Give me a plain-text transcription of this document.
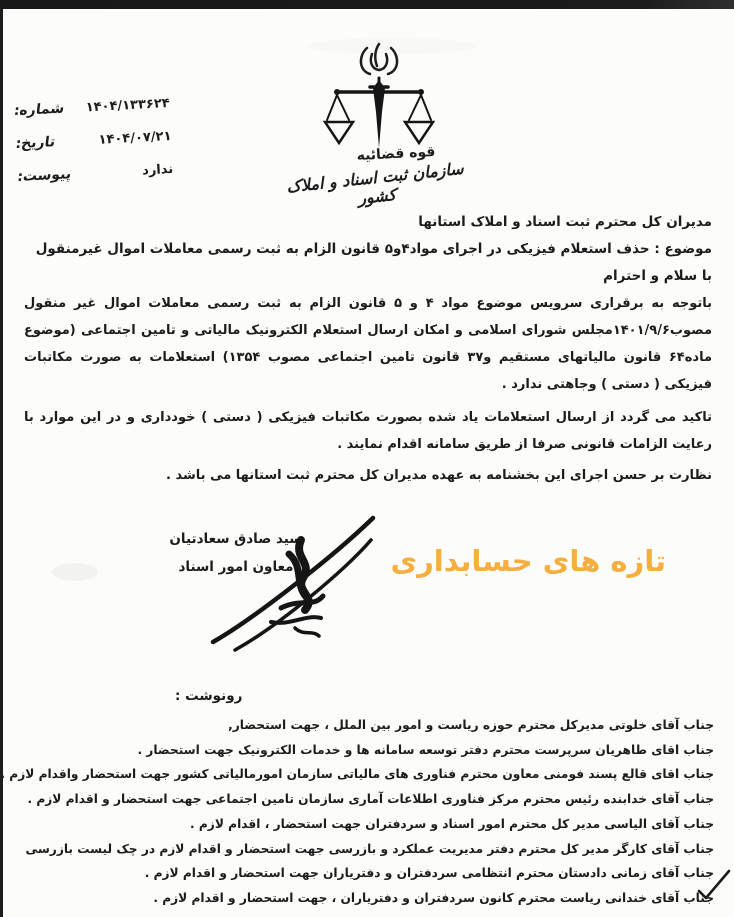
۱۴۰۴/۱۳۳۶۲۴
شماره:
۱۴۰۴/۰۷/۲۱
تاریخ:
ندارد
پیوست:
قوه قضائیه
سازمان ثبت اسناد و املاک کشور
مدیران کل محترم ثبت اسناد و املاک استانها
موضوع : حذف استعلام فیزیکی در اجرای مواد۴و۵ قانون الزام به ثبت رسمی معاملات اموال غیرمنقول
با سلام و احترام
باتوجه به برقراری سرویس موضوع مواد ۴ و ۵ قانون الزام به ثبت رسمی معاملات اموال غیر منقول مصوب۱۴۰۱/۹/۶مجلس شورای اسلامی و امکان ارسال استعلام الکترونیک مالیاتی و تامین اجتماعی (موضوع ماده۶۴ قانون مالیاتهای مستقیم و۳۷ قانون تامین اجتماعی مصوب ۱۳۵۴) استعلامات به صورت مکاتبات فیزیکی ( دستی ) وجاهتی ندارد .
تاکید می گردد از ارسال استعلامات یاد شده بصورت مکاتبات فیزیکی ( دستی ) خودداری و در این موارد با رعایت الزامات قانونی صرفا از طریق سامانه اقدام نمایند .
نظارت بر حسن اجرای این بخشنامه به عهده مدیران کل محترم ثبت استانها می باشد .
سید صادق سعادتیان
معاون امور اسناد	تازه های حسابداری
رونوشت :
جناب آقای خلوتی مدیرکل محترم حوزه ریاست و امور بین الملل ، جهت استحضار,
جناب اقای طاهریان سرپرست محترم دفتر توسعه سامانه ها و خدمات الکترونیک جهت استحضار .
جناب اقای قالع پسند فومنی معاون محترم فناوری های مالیاتی سازمان امورمالیاتی کشور جهت استحضار واقدام لازم .
جناب آقای خدابنده رئیس محترم مرکز فناوری اطلاعات آماری سازمان تامین اجتماعی جهت استحضار و اقدام لازم .
جناب آقای الیاسی مدیر کل محترم امور اسناد و سردفتران جهت استحضار ، اقدام لازم .
جناب آقای کارگر مدیر کل محترم دفتر مدیریت عملکرد و بازرسی جهت استحضار و اقدام لازم در چک لیست بازرسی
جناب آقای زمانی دادستان محترم انتظامی سردفتران و دفتریاران جهت استحضار و اقدام لازم .
جناب آقای خندانی ریاست محترم کانون سردفتران و دفتریاران ، جهت استحضار و اقدام لازم .
